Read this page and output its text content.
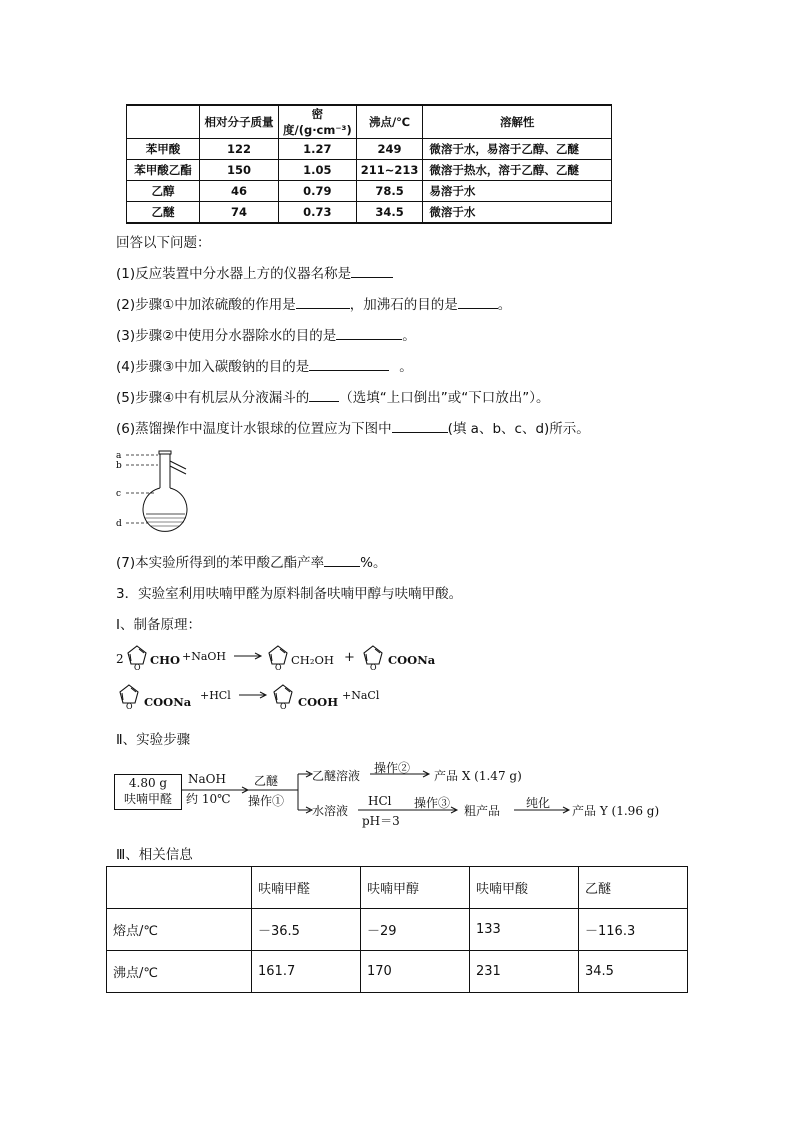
	相对分子质量	密度/(g·cm⁻³)	沸点/℃	溶解性
苯甲酸	122	1.27	249	微溶于水，易溶于乙醇、乙醚
苯甲酸乙酯	150	1.05	211~213	微溶于热水，溶于乙醇、乙醚
乙醇	46	0.79	78.5	易溶于水
乙醚	74	0.73	34.5	微溶于水
回答以下问题：
(1)反应装置中分水器上方的仪器名称是
(2)步骤①中加浓硫酸的作用是	，加沸石的目的是	。
(3)步骤②中使用分水器除水的目的是	。
(4)步骤③中加入碳酸钠的目的是	。
(5)步骤④中有机层从分液漏斗的 （选填“上口倒出”或“下口放出”）。
(6)蒸馏操作中温度计水银球的位置应为下图中	(填 a、b、c、d)所示。
a
b
c
d
(7)本实验所得到的苯甲酸乙酯产率	%。
3．实验室利用呋喃甲醛为原料制备呋喃甲醇与呋喃甲酸。
Ⅰ、制备原理：
2
O
CHO +NaOH
O
CH₂OH +
O
COONa
O COONa +HCl
O COOH +NaCl
Ⅱ、实验步骤
4.80 g
呋喃甲醛
NaOH
约 10℃
乙醚
操作①
乙醚溶液
操作②
产品 X (1.47 g)
水溶液
HCl
pH＝3
操作③
粗产品
纯化
产品 Y (1.96 g)
Ⅲ、相关信息
	呋喃甲醛	呋喃甲醇	呋喃甲酸	乙醚
熔点/℃	－36.5	－29	133	－116.3
沸点/℃	161.7	170	231	34.5
